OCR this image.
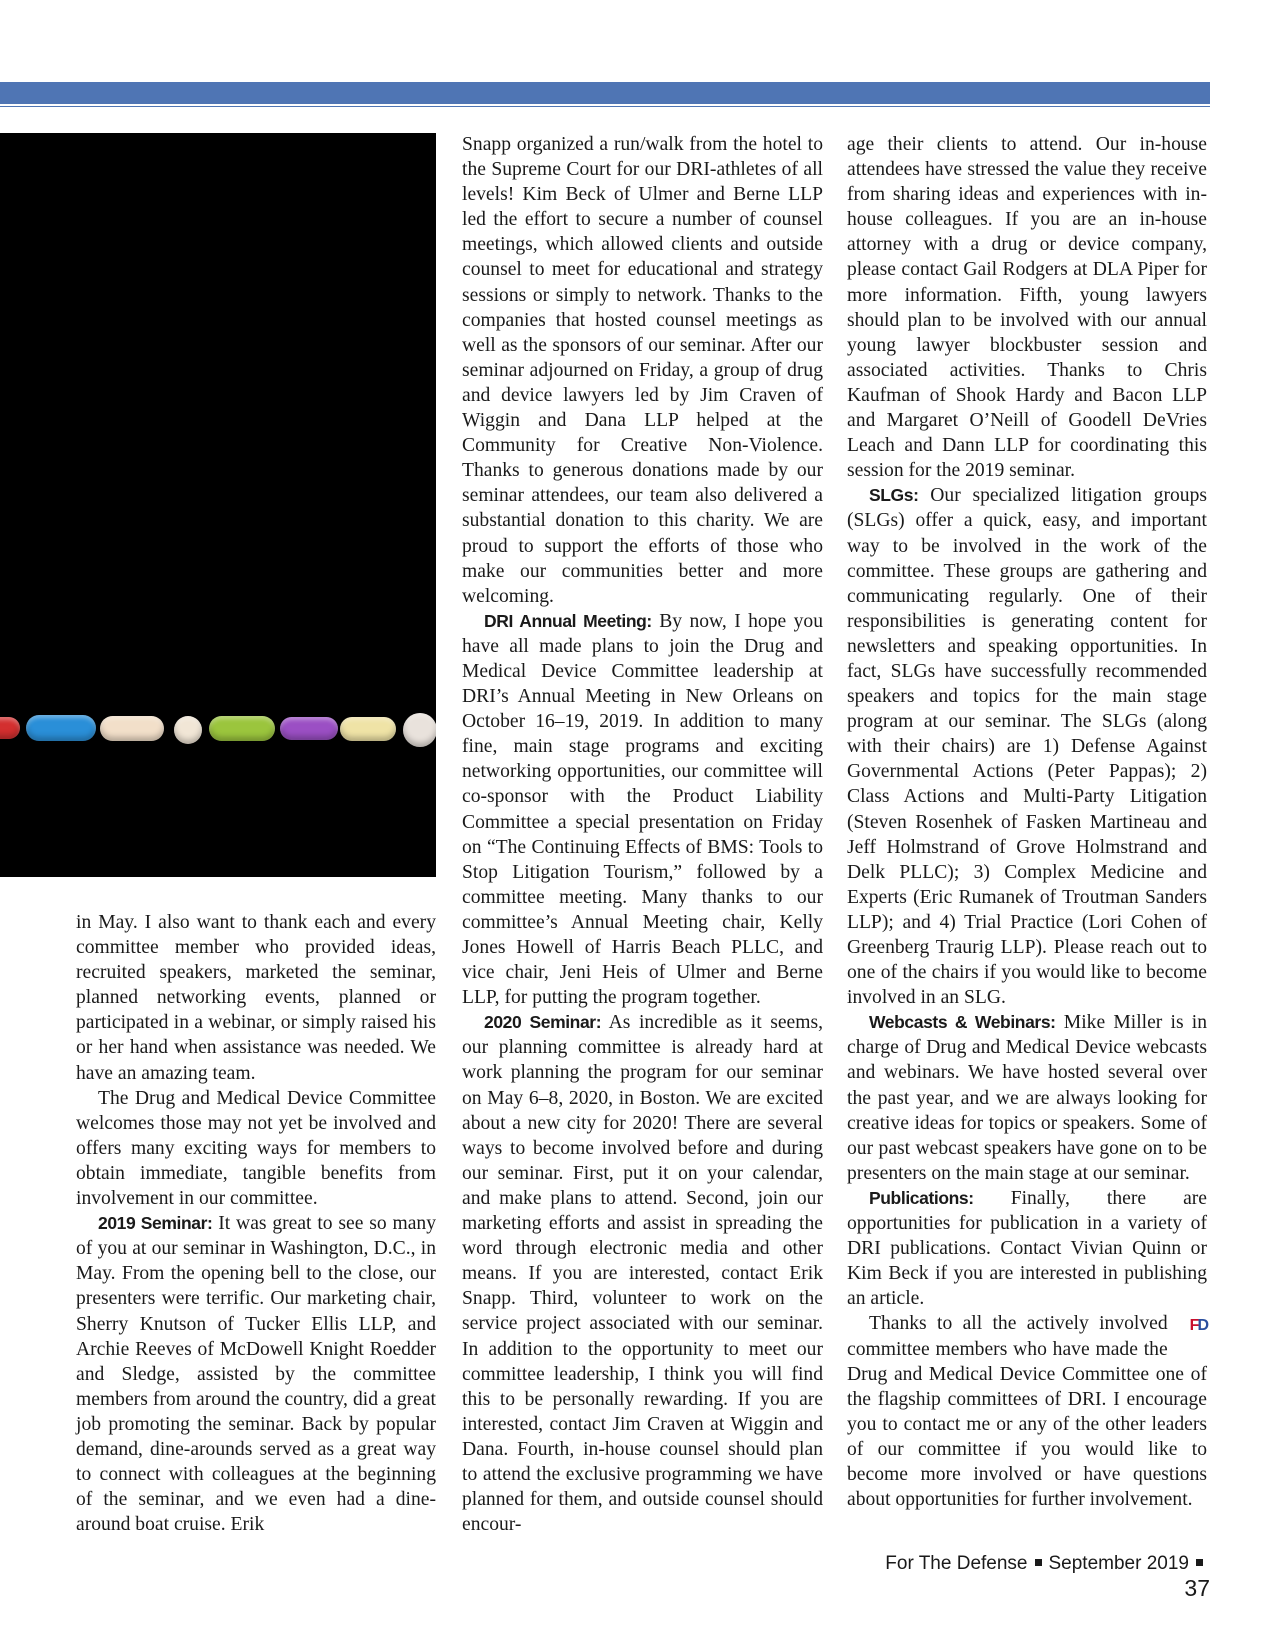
in May. I also want to thank each and every committee member who provided ideas, recruited speakers, marketed the seminar, planned networking events, planned or participated in a webinar, or simply raised his or her hand when assistance was needed. We have an amazing team.

The Drug and Medical Device Committee welcomes those may not yet be involved and offers many exciting ways for members to obtain immediate, tangible benefits from involvement in our committee.

2019 Seminar: It was great to see so many of you at our seminar in Washington, D.C., in May. From the opening bell to the close, our presenters were terrific. Our marketing chair, Sherry Knutson of Tucker Ellis LLP, and Archie Reeves of McDowell Knight Roedder and Sledge, assisted by the committee members from around the country, did a great job promoting the seminar. Back by popular demand, dine-arounds served as a great way to connect with colleagues at the beginning of the seminar, and we even had a dine-around boat cruise. Erik

Snapp organized a run/walk from the hotel to the Supreme Court for our DRI-athletes of all levels! Kim Beck of Ulmer and Berne LLP led the effort to secure a number of counsel meetings, which allowed clients and outside counsel to meet for educational and strategy sessions or simply to network. Thanks to the companies that hosted counsel meetings as well as the sponsors of our seminar. After our seminar adjourned on Friday, a group of drug and device lawyers led by Jim Craven of Wiggin and Dana LLP helped at the Community for Creative Non-Violence. Thanks to generous donations made by our seminar attendees, our team also delivered a substantial donation to this charity. We are proud to support the efforts of those who make our communities better and more welcoming.

DRI Annual Meeting: By now, I hope you have all made plans to join the Drug and Medical Device Committee leadership at DRI’s Annual Meeting in New Orleans on October 16–19, 2019. In addition to many fine, main stage programs and exciting networking opportunities, our committee will co-sponsor with the Product Liability Committee a special presentation on Friday on “The Continuing Effects of BMS: Tools to Stop Litigation Tourism,” followed by a committee meeting. Many thanks to our committee’s Annual Meeting chair, Kelly Jones Howell of Harris Beach PLLC, and vice chair, Jeni Heis of Ulmer and Berne LLP, for putting the program together.

2020 Seminar: As incredible as it seems, our planning committee is already hard at work planning the program for our seminar on May 6–8, 2020, in Boston. We are excited about a new city for 2020! There are several ways to become involved before and during our seminar. First, put it on your calendar, and make plans to attend. Second, join our marketing efforts and assist in spreading the word through electronic media and other means. If you are interested, contact Erik Snapp. Third, volunteer to work on the service project associated with our seminar. In addition to the opportunity to meet our committee leadership, I think you will find this to be personally rewarding. If you are interested, contact Jim Craven at Wiggin and Dana. Fourth, in-house counsel should plan to attend the exclusive programming we have planned for them, and outside counsel should encour-

age their clients to attend. Our in-house attendees have stressed the value they receive from sharing ideas and experiences with in-house colleagues. If you are an in-house attorney with a drug or device company, please contact Gail Rodgers at DLA Piper for more information. Fifth, young lawyers should plan to be involved with our annual young lawyer blockbuster session and associated activities. Thanks to Chris Kaufman of Shook Hardy and Bacon LLP and Margaret O’Neill of Goodell DeVries Leach and Dann LLP for coordinating this session for the 2019 seminar.

SLGs: Our specialized litigation groups (SLGs) offer a quick, easy, and important way to be involved in the work of the committee. These groups are gathering and communicating regularly. One of their responsibilities is generating content for newsletters and speaking opportunities. In fact, SLGs have successfully recommended speakers and topics for the main stage program at our seminar. The SLGs (along with their chairs) are 1) Defense Against Governmental Actions (Peter Pappas); 2) Class Actions and Multi-Party Litigation (Steven Rosenhek of Fasken Martineau and Jeff Holmstrand of Grove Holmstrand and Delk PLLC); 3) Complex Medicine and Experts (Eric Rumanek of Troutman Sanders LLP); and 4) Trial Practice (Lori Cohen of Greenberg Traurig LLP). Please reach out to one of the chairs if you would like to become involved in an SLG.

Webcasts & Webinars: Mike Miller is in charge of Drug and Medical Device webcasts and webinars. We have hosted several over the past year, and we are always looking for creative ideas for topics or speakers. Some of our past webcast speakers have gone on to be presenters on the main stage at our seminar.

Publications: Finally, there are opportunities for publication in a variety of DRI publications. Contact Vivian Quinn or Kim Beck if you are interested in publishing an article.

FD
Thanks to all the actively involved committee members who have made the Drug and Medical Device Committee one of the flagship committees of DRI. I encourage you to contact me or any of the other leaders of our committee if you would like to become more involved or have questions about opportunities for further involvement.

For The Defense September 201937
